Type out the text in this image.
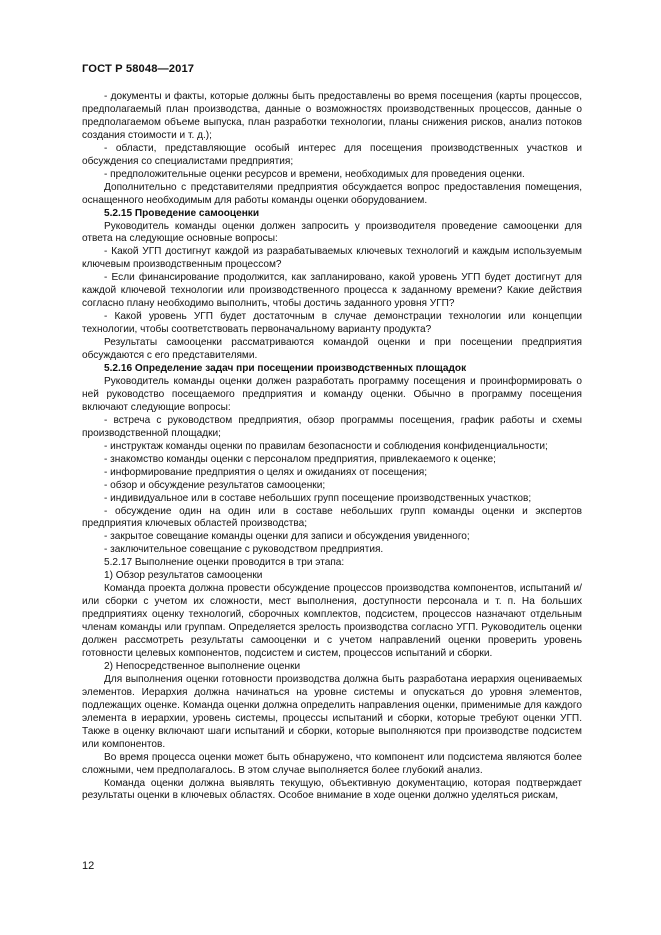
ГОСТ Р 58048—2017

- документы и факты, которые должны быть предоставлены во время посещения (карты процессов, предполагаемый план производства, данные о возможностях производственных процессов, данные о предполагаемом объеме выпуска, план разработки технологии, планы снижения рисков, анализ потоков создания стоимости и т. д.);

- области, представляющие особый интерес для посещения производственных участков и обсуждения со специалистами предприятия;

- предположительные оценки ресурсов и времени, необходимых для проведения оценки.

Дополнительно с представителями предприятия обсуждается вопрос предоставления помещения, оснащенного необходимым для работы команды оценки оборудованием.

5.2.15 Проведение самооценки

Руководитель команды оценки должен запросить у производителя проведение самооценки для ответа на следующие основные вопросы:

- Какой УГП достигнут каждой из разрабатываемых ключевых технологий и каждым используемым ключевым производственным процессом?

- Если финансирование продолжится, как запланировано, какой уровень УГП будет достигнут для каждой ключевой технологии или производственного процесса к заданному времени? Какие действия согласно плану необходимо выполнить, чтобы достичь заданного уровня УГП?

- Какой уровень УГП будет достаточным в случае демонстрации технологии или концепции технологии, чтобы соответствовать первоначальному варианту продукта?

Результаты самооценки рассматриваются командой оценки и при посещении предприятия обсуждаются с его представителями.

5.2.16 Определение задач при посещении производственных площадок

Руководитель команды оценки должен разработать программу посещения и проинформировать о ней руководство посещаемого предприятия и команду оценки. Обычно в программу посещения включают следующие вопросы:

- встреча с руководством предприятия, обзор программы посещения, график работы и схемы производственной площадки;

- инструктаж команды оценки по правилам безопасности и соблюдения конфиденциальности;

- знакомство команды оценки с персоналом предприятия, привлекаемого к оценке;

- информирование предприятия о целях и ожиданиях от посещения;

- обзор и обсуждение результатов самооценки;

- индивидуальное или в составе небольших групп посещение производственных участков;

- обсуждение один на один или в составе небольших групп команды оценки и экспертов предприятия ключевых областей производства;

- закрытое совещание команды оценки для записи и обсуждения увиденного;

- заключительное совещание с руководством предприятия.

5.2.17 Выполнение оценки проводится в три этапа:

1) Обзор результатов самооценки

Команда проекта должна провести обсуждение процессов производства компонентов, испытаний и/или сборки с учетом их сложности, мест выполнения, доступности персонала и т. п. На больших предприятиях оценку технологий, сборочных комплектов, подсистем, процессов назначают отдельным членам команды или группам. Определяется зрелость производства согласно УГП. Руководитель оценки должен рассмотреть результаты самооценки и с учетом направлений оценки проверить уровень готовности целевых компонентов, подсистем и систем, процессов испытаний и сборки.

2) Непосредственное выполнение оценки

Для выполнения оценки готовности производства должна быть разработана иерархия оцениваемых элементов. Иерархия должна начинаться на уровне системы и опускаться до уровня элементов, подлежащих оценке. Команда оценки должна определить направления оценки, применимые для каждого элемента в иерархии, уровень системы, процессы испытаний и сборки, которые требуют оценки УГП. Также в оценку включают шаги испытаний и сборки, которые выполняются при производстве подсистем или компонентов.

Во время процесса оценки может быть обнаружено, что компонент или подсистема являются более сложными, чем предполагалось. В этом случае выполняется более глубокий анализ.

Команда оценки должна выявлять текущую, объективную документацию, которая подтверждает результаты оценки в ключевых областях. Особое внимание в ходе оценки должно уделяться рискам,

12
